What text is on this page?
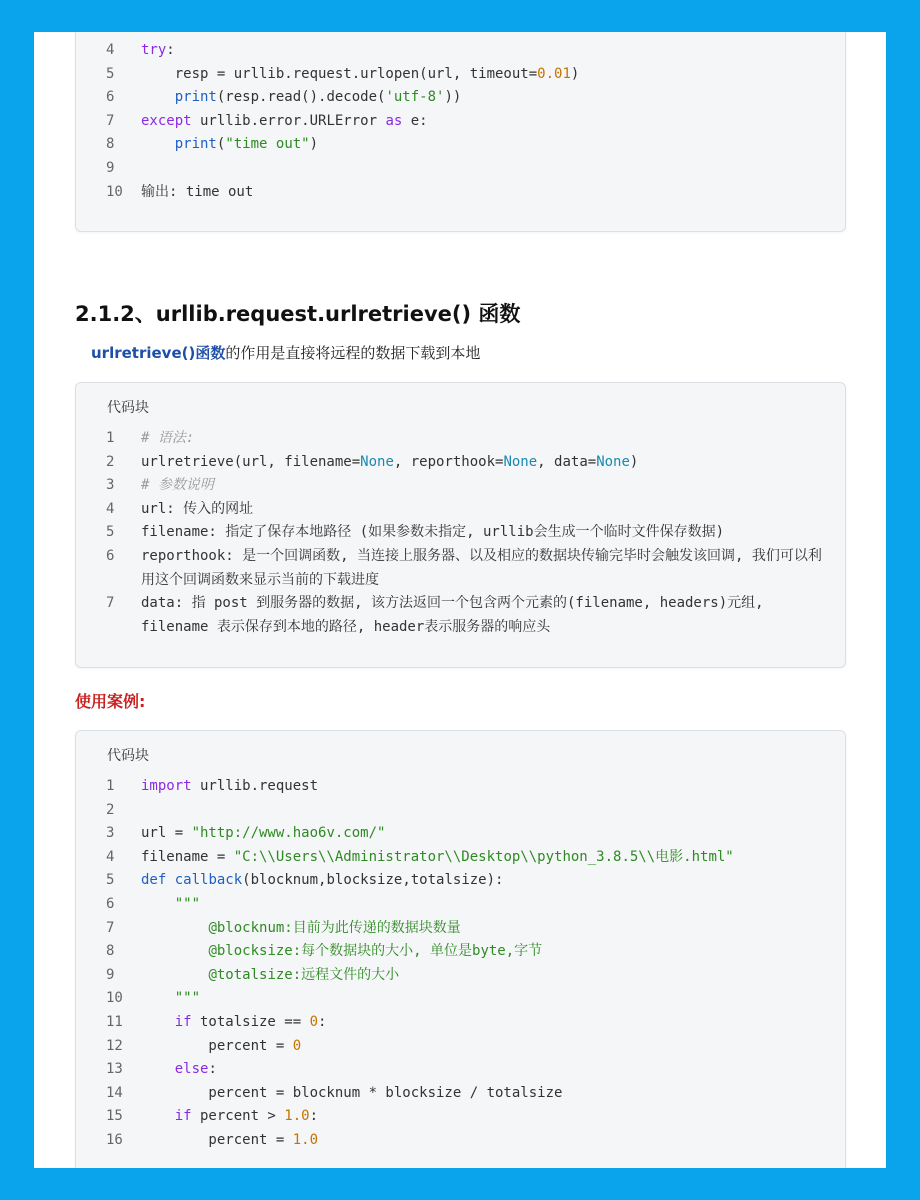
4	try:
5	resp = urllib.request.urlopen(url, timeout=0.01)
6	print(resp.read().decode('utf-8'))
7	except urllib.error.URLError as e:
8	print("time out")
9

10	输出: time out
2.1.2、urllib.request.urlretrieve() 函数

urlretrieve()函数的作用是直接将远程的数据下载到本地

代码块
1	# 语法:
2	urlretrieve(url, filename=None, reporthook=None, data=None)
3	# 参数说明
4	url: 传入的网址
5	filename: 指定了保存本地路径 (如果参数未指定, urllib会生成一个临时文件保存数据)
6	reporthook: 是一个回调函数, 当连接上服务器、以及相应的数据块传输完毕时会触发该回调, 我们可以利用这个回调函数来显示当前的下载进度
7	data: 指 post 到服务器的数据, 该方法返回一个包含两个元素的(filename, headers)元组, filename 表示保存到本地的路径, header表示服务器的响应头
使用案例:
代码块
1	import urllib.request
2

3	url = "http://www.hao6v.com/"
4	filename = "C:\\Users\\Administrator\\Desktop\\python_3.8.5\\电影.html"
5	def callback(blocknum,blocksize,totalsize):
6	"""
7	@blocknum:目前为此传递的数据块数量
8	@blocksize:每个数据块的大小, 单位是byte,字节
9	@totalsize:远程文件的大小
10	"""
11	if totalsize == 0:
12	percent = 0
13	else:
14	percent = blocknum * blocksize / totalsize
15	if percent > 1.0:
16	percent = 1.0
